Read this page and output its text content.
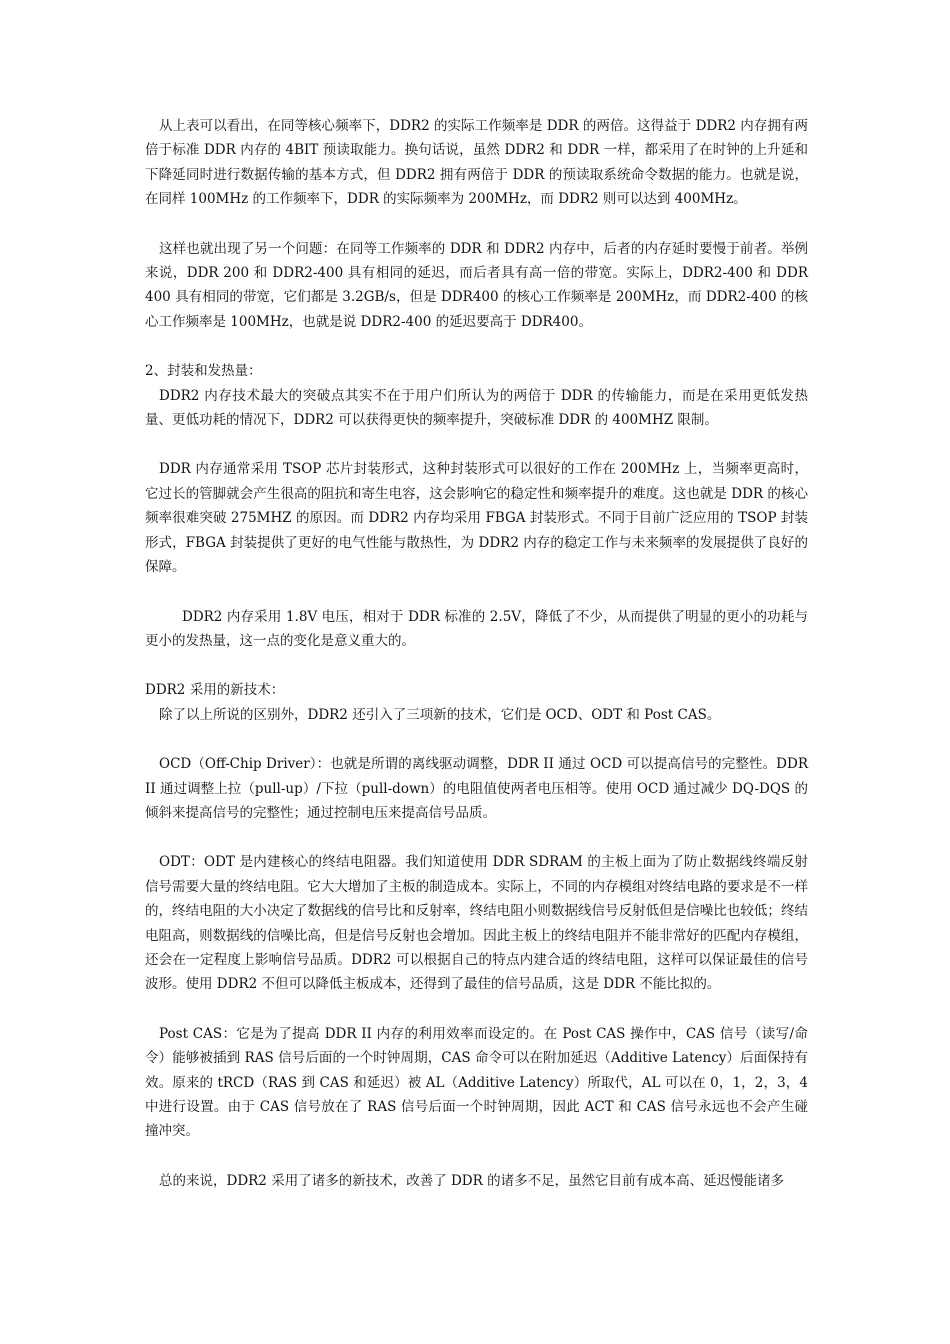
从上表可以看出，在同等核心频率下，DDR2 的实际工作频率是 DDR 的两倍。这得益于 DDR2 内存拥有两倍于标准 DDR 内存的 4BIT 预读取能力。换句话说，虽然 DDR2 和 DDR 一样，都采用了在时钟的上升延和下降延同时进行数据传输的基本方式，但 DDR2 拥有两倍于 DDR 的预读取系统命令数据的能力。也就是说，在同样 100MHz 的工作频率下，DDR 的实际频率为 200MHz，而 DDR2 则可以达到 400MHz。

这样也就出现了另一个问题：在同等工作频率的 DDR 和 DDR2 内存中，后者的内存延时要慢于前者。举例来说，DDR 200 和 DDR2-400 具有相同的延迟，而后者具有高一倍的带宽。实际上，DDR2-400 和 DDR 400 具有相同的带宽，它们都是 3.2GB/s，但是 DDR400 的核心工作频率是 200MHz，而 DDR2-400 的核心工作频率是 100MHz，也就是说 DDR2-400 的延迟要高于 DDR400。

2、封装和发热量：

DDR2 内存技术最大的突破点其实不在于用户们所认为的两倍于 DDR 的传输能力，而是在采用更低发热量、更低功耗的情况下，DDR2 可以获得更快的频率提升，突破标准 DDR 的 400MHZ 限制。

DDR 内存通常采用 TSOP 芯片封装形式，这种封装形式可以很好的工作在 200MHz 上，当频率更高时，它过长的管脚就会产生很高的阻抗和寄生电容，这会影响它的稳定性和频率提升的难度。这也就是 DDR 的核心频率很难突破 275MHZ 的原因。而 DDR2 内存均采用 FBGA 封装形式。不同于目前广泛应用的 TSOP 封装形式，FBGA 封装提供了更好的电气性能与散热性，为 DDR2 内存的稳定工作与未来频率的发展提供了良好的保障。

DDR2 内存采用 1.8V 电压，相对于 DDR 标准的 2.5V，降低了不少，从而提供了明显的更小的功耗与更小的发热量，这一点的变化是意义重大的。

DDR2 采用的新技术：

除了以上所说的区别外，DDR2 还引入了三项新的技术，它们是 OCD、ODT 和 Post CAS。

OCD（Off-Chip Driver）：也就是所谓的离线驱动调整，DDR II 通过 OCD 可以提高信号的完整性。DDR II 通过调整上拉（pull-up）/下拉（pull-down）的电阻值使两者电压相等。使用 OCD 通过减少 DQ-DQS 的倾斜来提高信号的完整性；通过控制电压来提高信号品质。

ODT：ODT 是内建核心的终结电阻器。我们知道使用 DDR SDRAM 的主板上面为了防止数据线终端反射信号需要大量的终结电阻。它大大增加了主板的制造成本。实际上，不同的内存模组对终结电路的要求是不一样的，终结电阻的大小决定了数据线的信号比和反射率，终结电阻小则数据线信号反射低但是信噪比也较低；终结电阻高，则数据线的信噪比高，但是信号反射也会增加。因此主板上的终结电阻并不能非常好的匹配内存模组，还会在一定程度上影响信号品质。DDR2 可以根据自己的特点内建合适的终结电阻，这样可以保证最佳的信号波形。使用 DDR2 不但可以降低主板成本，还得到了最佳的信号品质，这是 DDR 不能比拟的。

Post CAS：它是为了提高 DDR II 内存的利用效率而设定的。在 Post CAS 操作中，CAS 信号（读写/命令）能够被插到 RAS 信号后面的一个时钟周期，CAS 命令可以在附加延迟（Additive Latency）后面保持有效。原来的 tRCD（RAS 到 CAS 和延迟）被 AL（Additive Latency）所取代，AL 可以在 0，1，2，3，4 中进行设置。由于 CAS 信号放在了 RAS 信号后面一个时钟周期，因此 ACT 和 CAS 信号永远也不会产生碰撞冲突。

总的来说，DDR2 采用了诸多的新技术，改善了 DDR 的诸多不足，虽然它目前有成本高、延迟慢能诸多
